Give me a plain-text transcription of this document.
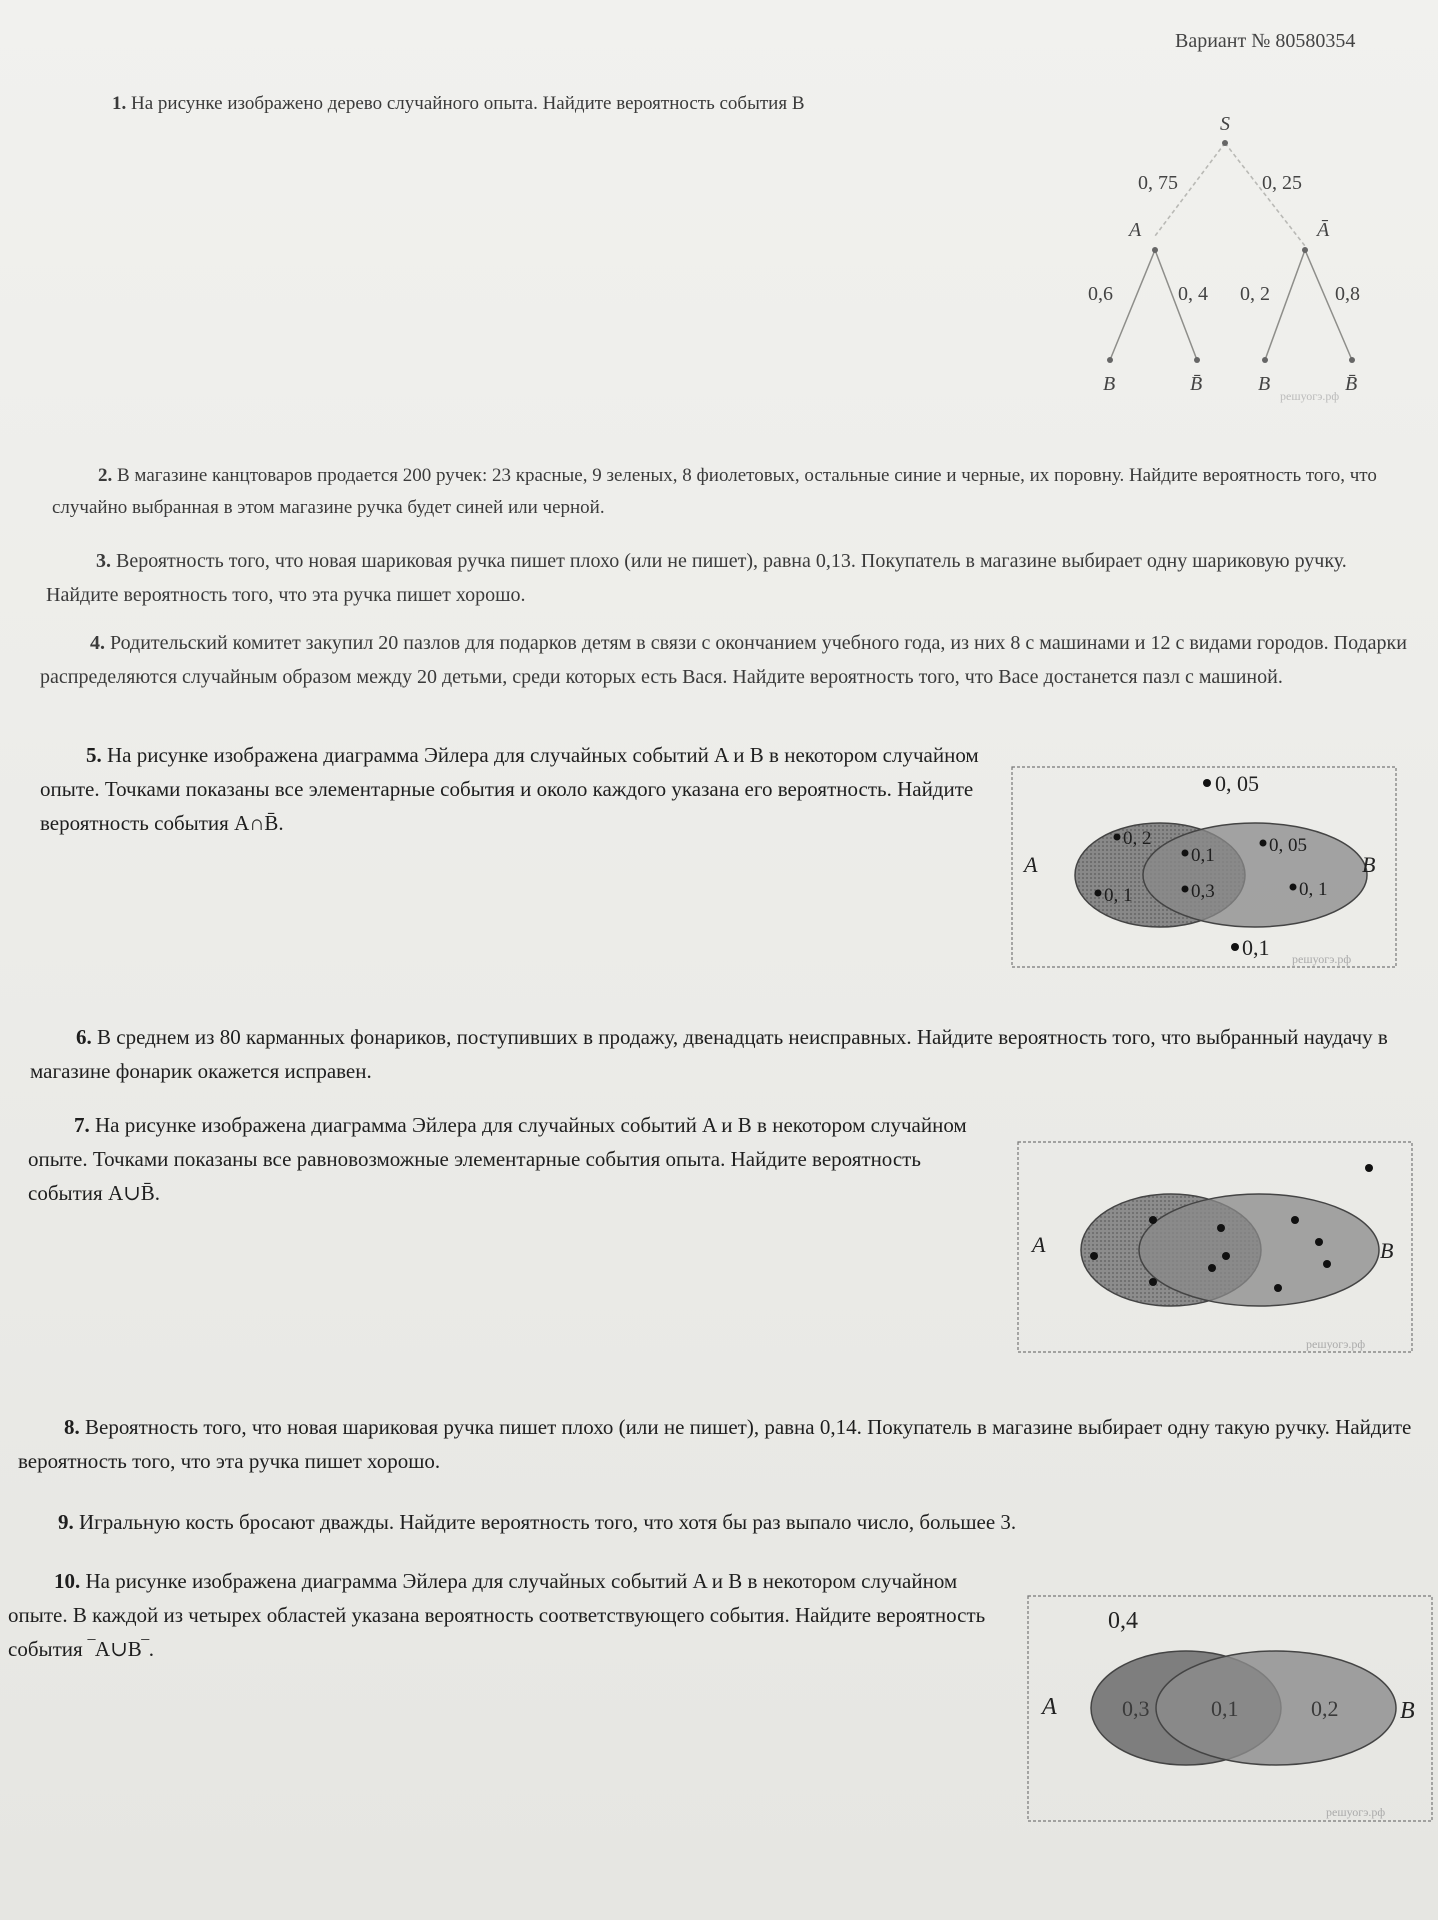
Вариант № 80580354
1. На рисунке изображено дерево случайного опыта. Найдите вероятность события B
S
0, 75	0, 25
A	Ā
0,6	0, 4 0, 2	0,8
B	B̄	B	B̄
решуогэ.рф
2. В магазине канцтоваров продается 200 ручек: 23 красные, 9 зеленых, 8 фиолетовых, остальные синие и черные, их поровну. Найдите вероятность того, что случайно выбранная в этом магазине ручка будет синей или черной.
3. Вероятность того, что новая шариковая ручка пишет плохо (или не пишет), равна 0,13. Покупатель в магазине выбирает одну шариковую ручку. Найдите вероятность того, что эта ручка пишет хорошо.
4. Родительский комитет закупил 20 пазлов для подарков детям в связи с окончанием учебного года, из них 8 с машинами и 12 с видами городов. Подарки распределяются случайным образом между 20 детьми, среди которых есть Вася. Найдите вероятность того, что Васе достанется пазл с машиной.
5. На рисунке изображена диаграмма Эйлера для случайных событий A и B в некотором случайном опыте. Точками показаны все элементарные события и около каждого указана его вероятность. Найдите вероятность события A∩B̄.
A	B
0, 05
0,1
0, 2
0, 1
0,1
0,3
0, 05
0, 1
решуогэ.рф
6. В среднем из 80 карманных фонариков, поступивших в продажу, двенадцать неисправных. Найдите вероятность того, что выбранный наудачу в магазине фонарик окажется исправен.
7. На рисунке изображена диаграмма Эйлера для случайных событий A и B в некотором случайном опыте. Точками показаны все равновозможные элементарные события опыта. Найдите вероятность события A∪B̄.
A	B
решуогэ.рф
8. Вероятность того, что новая шариковая ручка пишет плохо (или не пишет), равна 0,14. Покупатель в магазине выбирает одну такую ручку. Найдите вероятность того, что эта ручка пишет хорошо.
9. Игральную кость бросают дважды. Найдите вероятность того, что хотя бы раз выпало число, большее 3.
10. На рисунке изображена диаграмма Эйлера для случайных событий A и B в некотором случайном опыте. В каждой из четырех областей указана вероятность соответствующего события. Найдите вероятность события ‾A∪B‾.
0,4
A	B
0,3	0,1	0,2
решуогэ.рф
